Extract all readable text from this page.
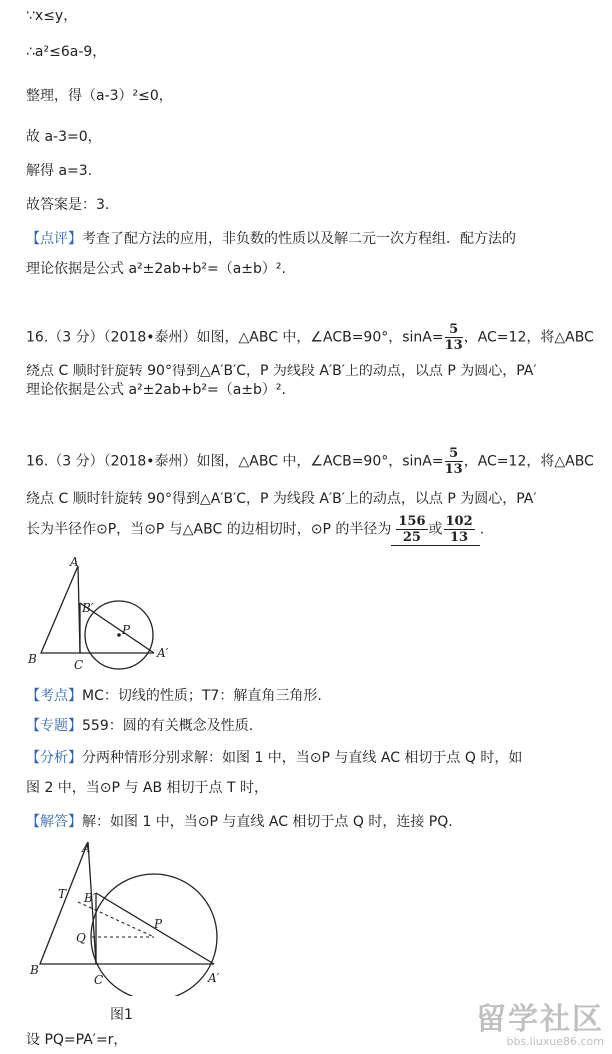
∵x≤y，
∴a²≤6a-9，
整理，得（a-3）²≤0，
故 a-3=0，
解得 a=3.
故答案是：3.
【点评】考查了配方法的应用，非负数的性质以及解二元一次方程组．配方法的
理论依据是公式 a²±2ab+b²=（a±b）².
16.（3 分）（2018•泰州）如图，△ABC 中，∠ACB=90°，$\sin A= \frac{5}{13}$ ，AC=12，将△ABC
绕点 C 顺时针旋转 90°得到△A′B′C，P 为线段 A′B′上的动点，以点 P 为圆心，PA′
理论依据是公式 a²±2ab+b²=（a±b）².
16.（3 分）（2018•泰州）如图，△ABC 中，∠ACB=90°，$\sin A= \frac{5}{13}$ ，AC=12，将△ABC
绕点 C 顺时针旋转 90°得到△A′B′C，P 为线段 A′B′上的动点，以点 P 为圆心，PA′
长为半径作⊙P，当⊙P 与△ABC 的边相切时，⊙P 的半径为 $\frac{156}{25}$ 或 $\frac{102}{13}$ .
A
B	C
B′
P
A′
【考点】MC：切线的性质；T7：解直角三角形.
【专题】559：圆的有关概念及性质.
【分析】分两种情形分别求解：如图 1 中，当⊙P 与直线 AC 相切于点 Q 时，如
图 2 中，当⊙P 与 AB 相切于点 T 时，
【解答】解：如图 1 中，当⊙P 与直线 AC 相切于点 Q 时，连接 PQ.
A
T B′
Q
P
B
C	A′
图1
设 PQ=PA′=r，
留学社区
bbs.liuxue86.com
